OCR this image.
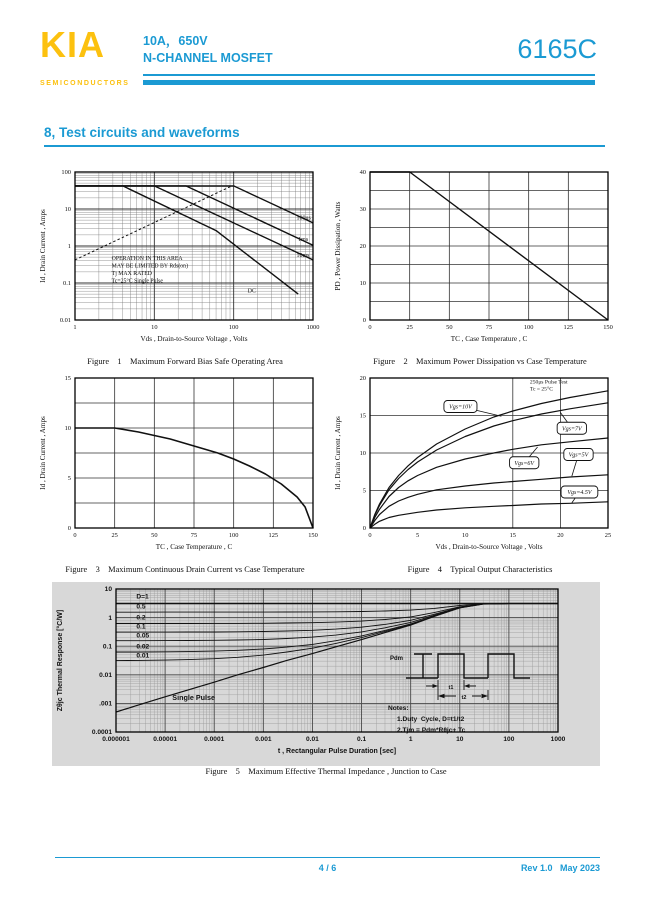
KIA
SEMICONDUCTORS
10A，650V
N-CHANNEL MOSFET	6165C
8, Test circuits and waveforms
1	10	100	1000
100
10
1
0.1
0.01
Vds , Drain-to-Source Voltage , Volts
Id , Drain Current , Amps	100us
1ms
10ms
DC
OPERATION IN THIS AREA
MAY BE LIMITED BY Rds(on)
Tj MAX RATED
Tc=25°C Single Pulse
Figure    1    Maximum Forward Bias Safe Operating Area
0	25	50	75	100	125	150
0
10
20
30
40
TC , Case Temperature , C
PD , Power Dissipation , Watts
Figure    2    Maximum Power Dissipation vs Case Temperature
0	25	50	75	100	125	150
0
5
10
15
TC , Case Temperature , C
Id , Drain Current , Amps
Figure    3    Maximum Continuous Drain Current vs Case Temperature
0	5	10	15	20	25
0
5
10
15
20
Vds , Drain-to-Source Voltage , Volts
Id , Drain Current , Amps
250μs Pulse Test
Tc = 25°C
Vgs=10V
Vgs=7V
Vgs=6V
Vgs=5V
Vgs=4.5V
Figure    4    Typical Output Characteristics
0.000001	0.00001	0.0001	0.001	0.01	0.1	1	10	100	1000
10
1
0.1
0.01
.001
0.0001
t , Rectangular Pulse Duration [sec]
Zθjc Thermal Response [°C/W]
D=1
0.5
0.2
0.1
0.05
0.02
0.01
Single Pulse
Pdm
t1
t2
Notes:
1.Duty  Cycle, D=t1/t2
2.Tjm = Pdm*Rθjc+ Tc
Figure    5    Maximum Effective Thermal Impedance , Junction to Case
4 / 6	Rev 1.0   May 2023
